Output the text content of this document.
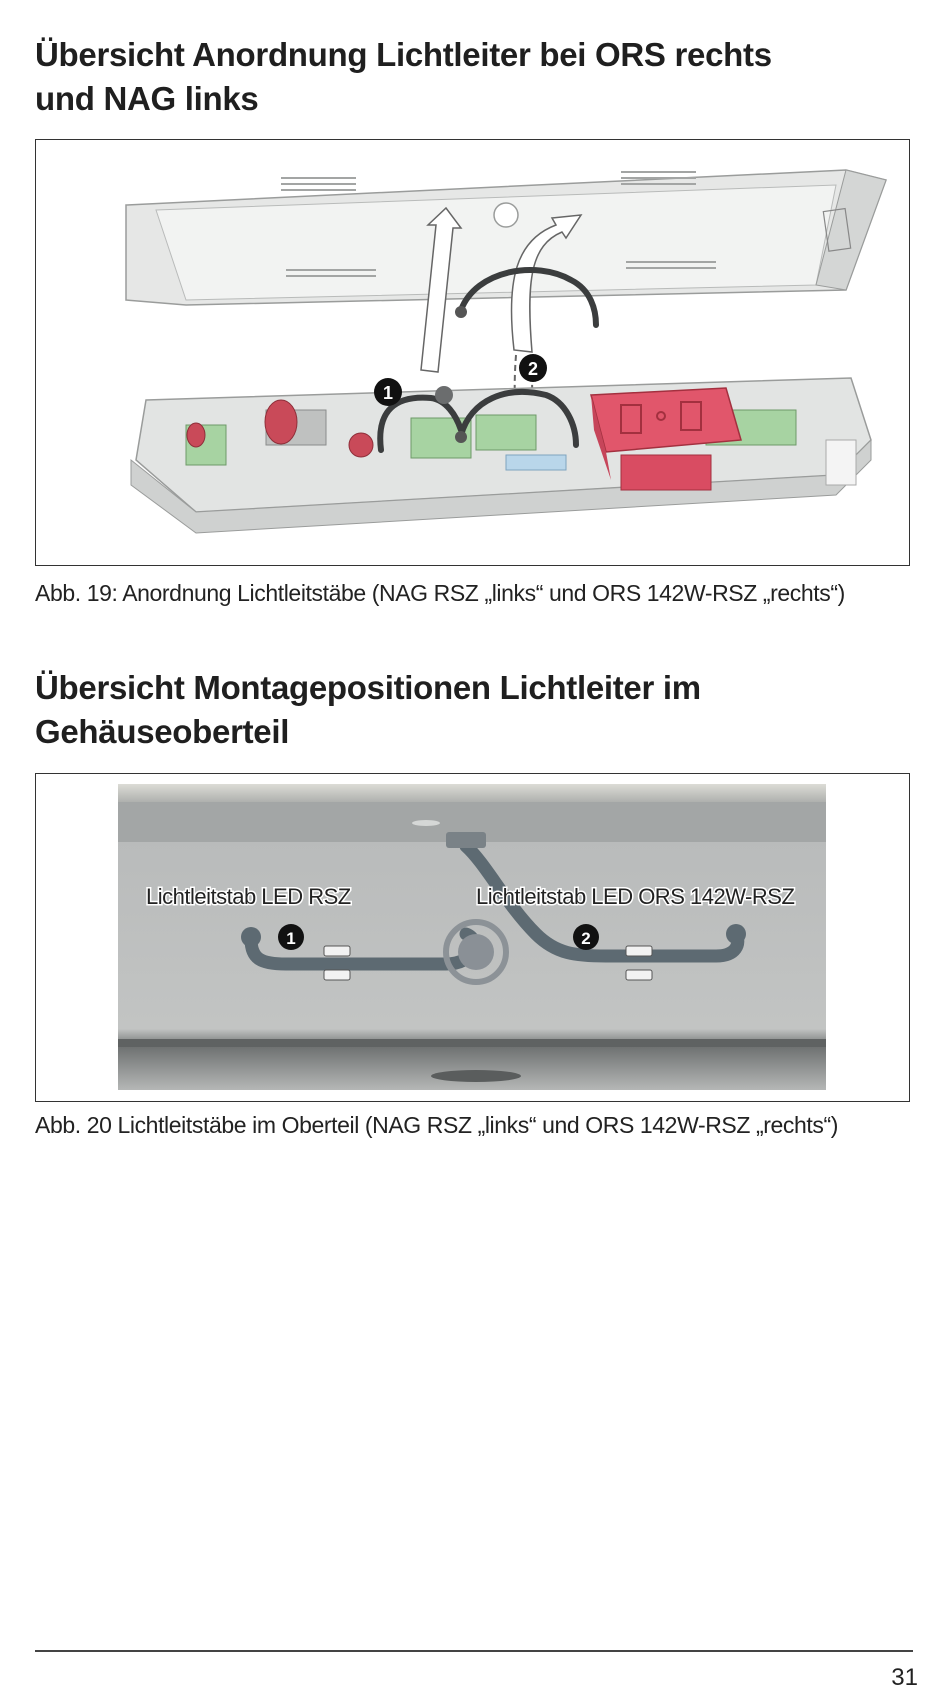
Übersicht Anordnung Lichtleiter bei ORS rechts und NAG links
1
2

Abb. 19: Anordnung Lichtleitstäbe (NAG RSZ „links“ und ORS 142W-RSZ „rechts“)

Übersicht Montagepositionen Lichtleiter im Gehäuseoberteil
Lichtleitstab LED RSZ	Lichtleitstab LED ORS 142W-RSZ
1	2

Abb. 20 Lichtleitstäbe im Oberteil (NAG RSZ „links“ und ORS 142W-RSZ „rechts“)

31
